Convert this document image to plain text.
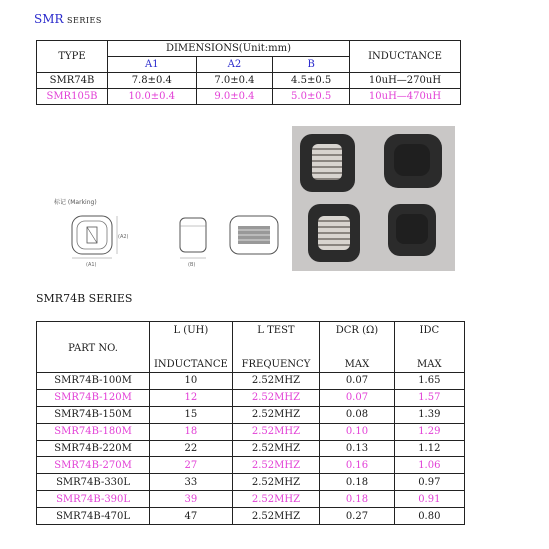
SMR SERIES
TYPE	DIMENSIONS(Unit:mm)			INDUCTANCE
	A1	A2	B	
SMR74B	7.8±0.4	7.0±0.4	4.5±0.5	10uH—270uH
SMR105B	10.0±0.4	9.0±0.4	5.0±0.5	10uH—470uH
标记 (Marking)
(A1)
(A2)
(B)
SMR74B SERIES
PART NO.	L (UH)	L TEST	DCR (Ω)	IDC
	INDUCTANCE	FREQUENCY	MAX	MAX
SMR74B-100M	10	2.52MHZ	0.07	1.65
SMR74B-120M	12	2.52MHZ	0.07	1.57
SMR74B-150M	15	2.52MHZ	0.08	1.39
SMR74B-180M	18	2.52MHZ	0.10	1.29
SMR74B-220M	22	2.52MHZ	0.13	1.12
SMR74B-270M	27	2.52MHZ	0.16	1.06
SMR74B-330L	33	2.52MHZ	0.18	0.97
SMR74B-390L	39	2.52MHZ	0.18	0.91
SMR74B-470L	47	2.52MHZ	0.27	0.80
